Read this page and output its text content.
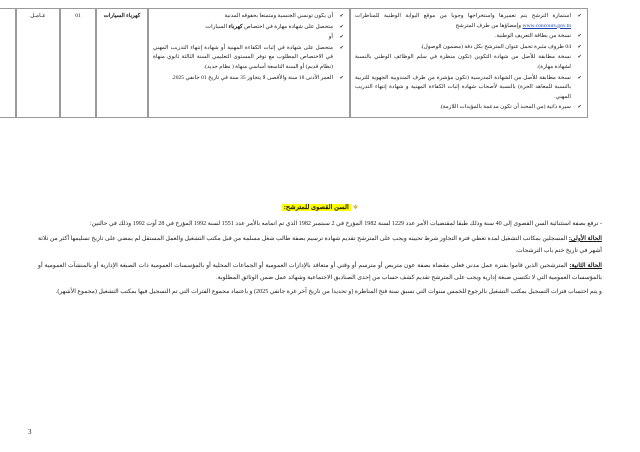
✔ استمارة الترشح يتم تعميرها واستخراجها وجوبا من موقع البوابة الوطنية للمناظرات www.concours.gov.tn وإمضاؤها من طرف المترشح
✔ نسخة من بطاقة التعريف الوطنية.
✔ 04 ظروف مثبرة تحمل عنوان المترشح بكل دقة (مضمون الوصول).
✔ نسخة مطابقة للأصل من شهادة التكوين (تكون منظرة في سلم الوظائف الوطني بالنسبة لشهادة مهارة).
✔ نسخة مطابقة للأصل من الشهادة المدرسية (تكون مؤشرة من طرف المندوبية الجهوية للتربية بالنسبة للمعاهد الحرة) بالنسبة لأصحاب شهادة إثبات الكفاءة المهنية و شهادة إنتهاء التدريب المهني.
✔ سيرة ذاتية (من المحبذ أن تكون مدعمة بالمؤيدات اللازمة).

✔ أن يكون تونسي الجنسية ومتمتعا بحقوقه المدنية
✔ متحصل على شهادة مهارة في اختصاص كهرباء السيارات.
✔ أو
✔ متحصل على شهادة في إثبات الكفاءة المهنية أو شهادة إنتهاء التدريب المهني في الاختصاص المطلوب مع توفر المستوى التعليمي السنة الثالثة ثانوي منهاة (نظام قديم) أو السنة التاسعة أساسي منهاة ( نظام جديد).
✔ العمر الأدنى 18 سنة والأقصى لا يتجاوز 35 سنة في تاريخ 01 جانفي 2025.
	كهرباء السيارات	01	عـامـل	
❖السن القصوى للمترشح:

- ترفع بصفة استثنائية السن القصوى إلى 40 سنة وذلك طبقا لمقتضيات الأمر عدد 1229 لسنة 1982 المؤرخ في 2 سبتمبر 1982 الذي تم اتمامه بالأمر عدد 1551 لسنة 1992 المؤرخ في 28 أوت 1992 وذلك في حالتين:

الحالة الأولى: المسجلين بمكاتب التشغيل لمدة تغطي فترة التجاوز شرط تحيينه ويجب على المترشح تقديم شهادة ترسيم بصفة طالب شغل مسلمة من قبل مكتب التشغيل والعمل المستقل لم يمضي على تاريخ تسليمها أكثر من ثلاثة أشهر في تاريخ ختم باب الترشحات.

الحالة الثانية: المترشحين الذين قاموا بفترة عمل مدني فعلي مقضاة بصفة عون متربص أو مترسم أو وقتي أو متعاقد بالإدارات العمومية أو الجماعات المحلية أو بالمؤسسات العمومية ذات الصبغة الإدارية أو بالمنشآت العمومية أو بالمؤسسات العمومية التي لا تكتسي صبغة إدارية ويجب على المترشح تقديم كشف حساب من إحدى الصناديق الاجتماعية وشهائد عمل ضمن الوثائق المطلوبة.

و يتم احتساب فترات التسجيل بمكتب التشغيل بالرجوع للخمس سنوات التي تسبق سنة فتح المناظرة (و تحديدا من تاريخ آخر غرة جانفي 2025) و باعتماد مجموع الفترات التي تم التسجيل فيها بمكتب التشغيل (مجموع الأشهر).

3
